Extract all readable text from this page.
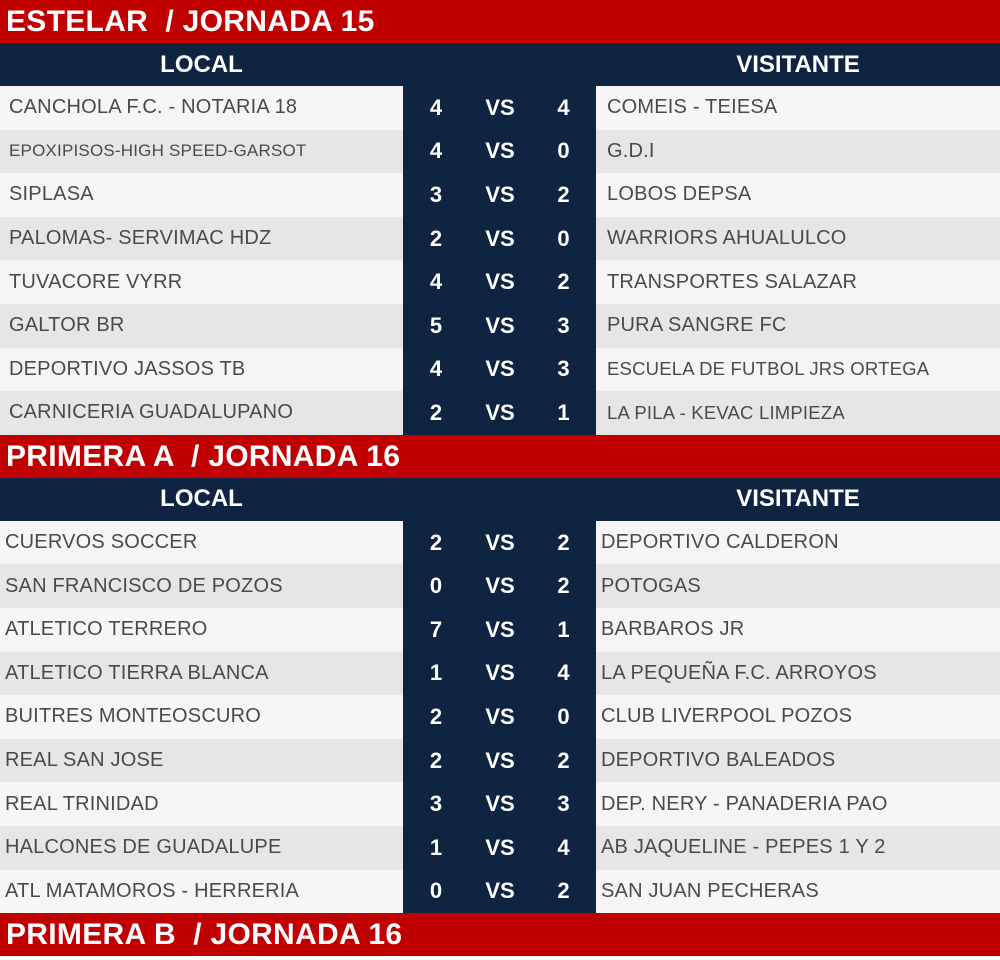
ESTELAR  / JORNADA 15
LOCAL	VISITANTE
CANCHOLA F.C. - NOTARIA 18	4	VS	4	COMEIS - TEIESA
EPOXIPISOS-HIGH SPEED-GARSOT	4	VS	0	G.D.I
SIPLASA	3	VS	2	LOBOS DEPSA
PALOMAS- SERVIMAC HDZ	2	VS	0	WARRIORS AHUALULCO
TUVACORE VYRR	4	VS	2	TRANSPORTES SALAZAR
GALTOR BR	5	VS	3	PURA SANGRE FC
DEPORTIVO JASSOS TB	4	VS	3	ESCUELA DE FUTBOL JRS ORTEGA
CARNICERIA GUADALUPANO	2	VS	1	LA PILA - KEVAC LIMPIEZA
PRIMERA A  / JORNADA 16
LOCAL	VISITANTE
CUERVOS SOCCER	2	VS	2	DEPORTIVO CALDERON
SAN FRANCISCO DE POZOS	0	VS	2	POTOGAS
ATLETICO TERRERO	7	VS	1	BARBAROS JR
ATLETICO TIERRA BLANCA	1	VS	4	LA PEQUEÑA F.C. ARROYOS
BUITRES MONTEOSCURO	2	VS	0	CLUB LIVERPOOL POZOS
REAL SAN JOSE	2	VS	2	DEPORTIVO BALEADOS
REAL TRINIDAD	3	VS	3	DEP. NERY - PANADERIA PAO
HALCONES DE GUADALUPE	1	VS	4	AB JAQUELINE - PEPES 1 Y 2
ATL MATAMOROS - HERRERIA	0	VS	2	SAN JUAN PECHERAS
PRIMERA B  / JORNADA 16
